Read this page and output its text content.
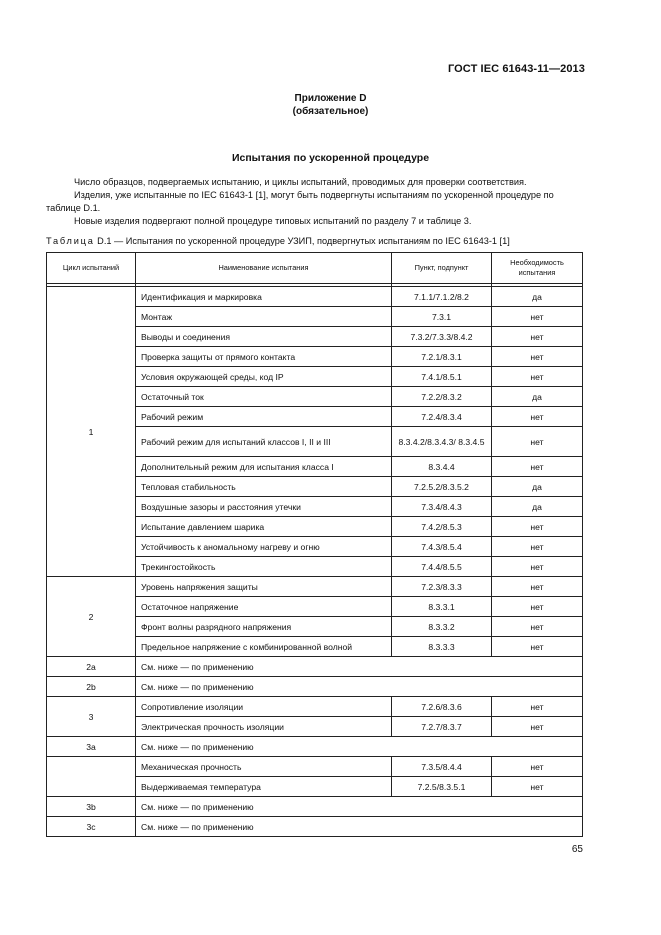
ГОСТ IEC 61643-11—2013
Приложение D
(обязательное)
Испытания по ускоренной процедуре

Число образцов, подвергаемых испытанию, и циклы испытаний, проводимых для проверки соответствия.

Изделия, уже испытанные по IEC 61643-1 [1], могут быть подвергнуты испытаниям по ускоренной процедуре по таблице D.1.

Новые изделия подвергают полной процедуре типовых испытаний по разделу 7 и таблице 3.

Таблица D.1 — Испытания по ускоренной процедуре УЗИП, подвергнутых испытаниям по IEC 61643-1 [1]
Цикл испытаний	Наименование испытания	Пункт, подпункт	Необходимость испытания

1	Идентификация и маркировка	7.1.1/7.1.2/8.2	да
	Монтаж	7.3.1	нет
	Выводы и соединения	7.3.2/7.3.3/8.4.2	нет
	Проверка защиты от прямого контакта	7.2.1/8.3.1	нет
	Условия окружающей среды, код IP	7.4.1/8.5.1	нет
	Остаточный ток	7.2.2/8.3.2	да
	Рабочий режим	7.2.4/8.3.4	нет
	Рабочий режим для испытаний классов I, II и III	8.3.4.2/8.3.4.3/ 8.3.4.5	нет
	Дополнительный режим для испытания класса I	8.3.4.4	нет
	Тепловая стабильность	7.2.5.2/8.3.5.2	да
	Воздушные зазоры и расстояния утечки	7.3.4/8.4.3	да
	Испытание давлением шарика	7.4.2/8.5.3	нет
	Устойчивость к аномальному нагреву и огню	7.4.3/8.5.4	нет
	Трекингостойкость	7.4.4/8.5.5	нет
2	Уровень напряжения защиты	7.2.3/8.3.3	нет
	Остаточное напряжение	8.3.3.1	нет
	Фронт волны разрядного напряжения	8.3.3.2	нет
	Предельное напряжение с комбинированной волной	8.3.3.3	нет
2a	См. ниже — по применению		
2b	См. ниже — по применению		
3	Сопротивление изоляции	7.2.6/8.3.6	нет
	Электрическая прочность изоляции	7.2.7/8.3.7	нет
3a	См. ниже — по применению		
	Механическая прочность	7.3.5/8.4.4	нет
	Выдерживаемая температура	7.2.5/8.3.5.1	нет
3b	См. ниже — по применению		
3c	См. ниже — по применению		
65
